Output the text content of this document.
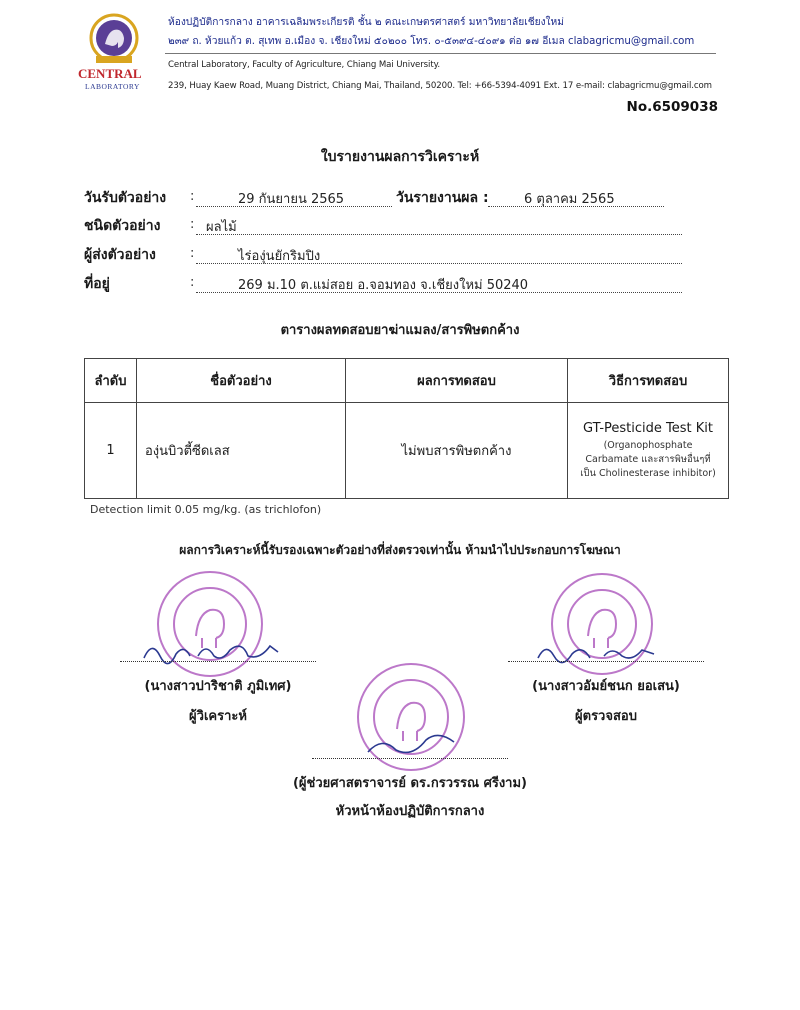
CENTRAL
LABORATORY
ห้องปฏิบัติการกลาง อาคารเฉลิมพระเกียรติ ชั้น ๒ คณะเกษตรศาสตร์ มหาวิทยาลัยเชียงใหม่
๒๓๙ ถ. ห้วยแก้ว ต. สุเทพ อ.เมือง จ. เชียงใหม่ ๕๐๒๐๐ โทร. ๐-๕๓๙๔-๔๐๙๑ ต่อ ๑๗ อีเมล clabagricmu@gmail.com
Central Laboratory, Faculty of Agriculture, Chiang Mai University.
239, Huay Kaew Road, Muang District, Chiang Mai, Thailand, 50200. Tel: +66-5394-4091 Ext. 17 e-mail: clabagricmu@gmail.com
No.6509038
ใบรายงานผลการวิเคราะห์
วันรับตัวอย่าง :	29 กันยายน 2565	วันรายงานผล :	6 ตุลาคม 2565
ชนิดตัวอย่าง : ผลไม้
ผู้ส่งตัวอย่าง	:	ไร่องุ่นยักริมปิง
ที่อยู่	:	269 ม.10 ต.แม่สอย อ.จอมทอง จ.เชียงใหม่ 50240
ตารางผลทดสอบยาฆ่าแมลง/สารพิษตกค้าง
ลำดับ	ชื่อตัวอย่าง	ผลการทดสอบ	วิธีการทดสอบ
1	องุ่นบิวตี้ซีดเลส	ไม่พบสารพิษตกค้าง	GT-Pesticide Test Kit
(Organophosphate
Carbamate และสารพิษอื่นๆที่
เป็น Cholinesterase inhibitor)
Detection limit 0.05 mg/kg. (as trichlofon)
ผลการวิเคราะห์นี้รับรองเฉพาะตัวอย่างที่ส่งตรวจเท่านั้น ห้ามนำไปประกอบการโฆษณา
(นางสาวปาริชาติ ภูมิเทศ)
ผู้วิเคราะห์
(นางสาวอัมย์ชนก ยอเสน)
ผู้ตรวจสอบ
(ผู้ช่วยศาสตราจารย์ ดร.กรวรรณ ศรีงาม)
หัวหน้าห้องปฏิบัติการกลาง
